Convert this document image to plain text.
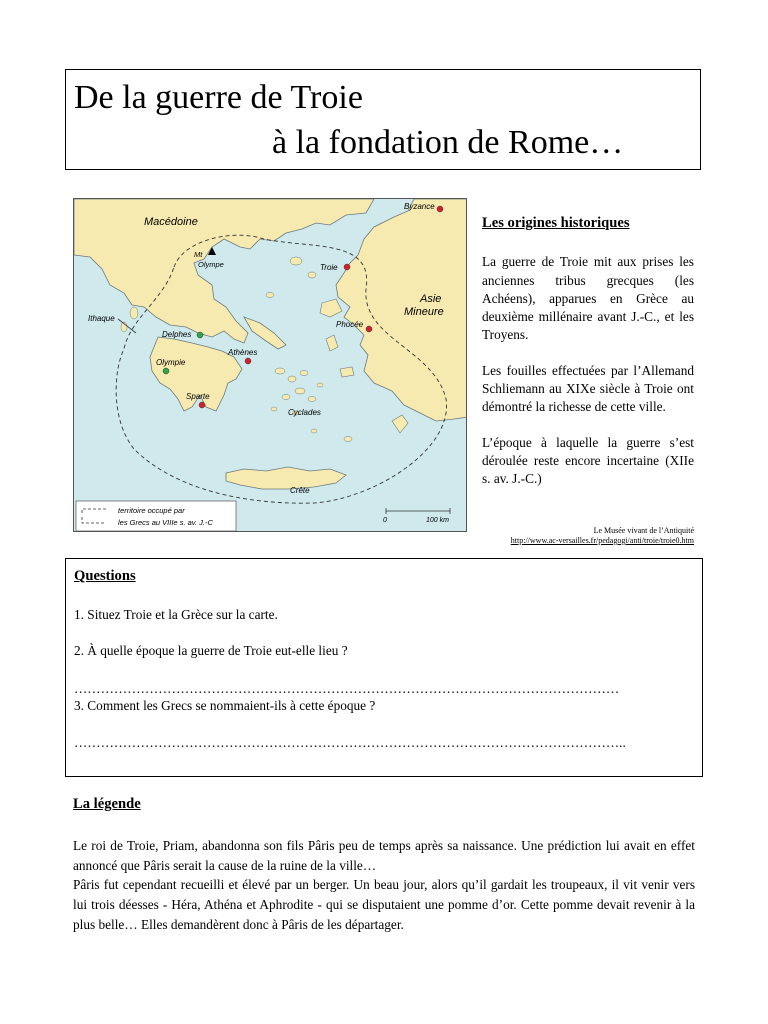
De la guerre de Troie
à la fondation de Rome…
Macédoine
Byzance
Mt
Olympe	Troie
Asie
Mineure
Ithaque
Delphes
Phocée
Olympie
Athènes
Sparte
Cyclades
Crête
territoire occupé par
les Grecs au VIIIe s. av. J.-C	0	100 km
Les origines historiques

La guerre de Troie mit aux prises les anciennes tribus grecques (les Achéens), apparues en Grèce au deuxième millénaire avant J.-C., et les Troyens.

Les fouilles effectuées par l’Allemand Schliemann au XIXe siècle à Troie ont démontré la richesse de cette ville.

L’époque à laquelle la guerre s’est déroulée reste encore incertaine (XIIe s. av. J.-C.)

Le Musée vivant de l’Antiquité
http://www.ac-versailles.fr/pedagogi/anti/troie/troie0.htm
Questions
1. Situez Troie et la Grèce sur la carte.
2. À quelle époque la guerre de Troie eut-elle lieu ?
……………………………………………………………………………………………………………
3. Comment les Grecs se nommaient-ils à cette époque ?
……………………………………………………………………………………………………………..
La légende

Le roi de Troie, Priam, abandonna son fils Pâris peu de temps après sa naissance. Une prédiction lui avait en effet annoncé que Pâris serait la cause de la ruine de la ville…

Pâris fut cependant recueilli et élevé par un berger. Un beau jour, alors qu’il gardait les troupeaux, il vit venir vers lui trois déesses - Héra, Athéna et Aphrodite - qui se disputaient une pomme d’or. Cette pomme devait revenir à la plus belle… Elles demandèrent donc à Pâris de les départager.
